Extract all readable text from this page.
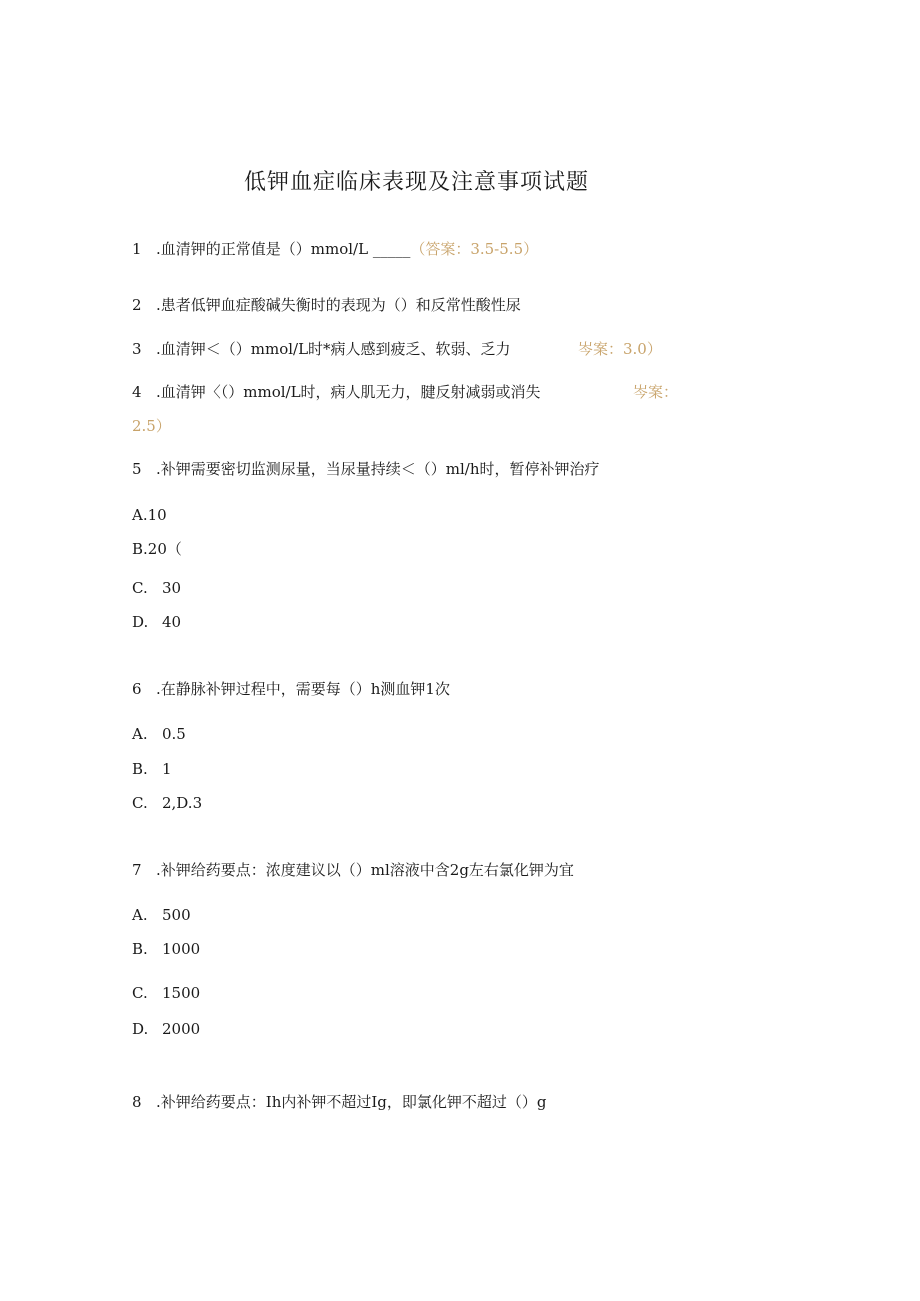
低钾血症临床表现及注意事项试题
1 .血清钾的正常值是（）mmol/L _____（答案：3.5-5.5）
2 .患者低钾血症酸碱失衡时的表现为（）和反常性酸性尿
3 .血清钾＜（）mmol/L时*病人感到疲乏、软弱、乏力	岑案：3.0）
4 .血清钾〈（）mmol/L时，病人肌无力，腱反射减弱或消失	岑案：
2.5）
5 .补钾需要密切监测尿量，当尿量持续＜（）ml/h时，暂停补钾治疗
A.10
B.20（
C. 30
D. 40
6 .在静脉补钾过程中，需要每（）h测血钾1次
A. 0.5
B. 1
C. 2,D.3
7 .补钾给药要点：浓度建议以（）ml溶液中含2g左右氯化钾为宜
A. 500
B. 1000
C. 1500
D. 2000
8 .补钾给药要点：Ih内补钾不超过Ig，即氯化钾不超过（）g
